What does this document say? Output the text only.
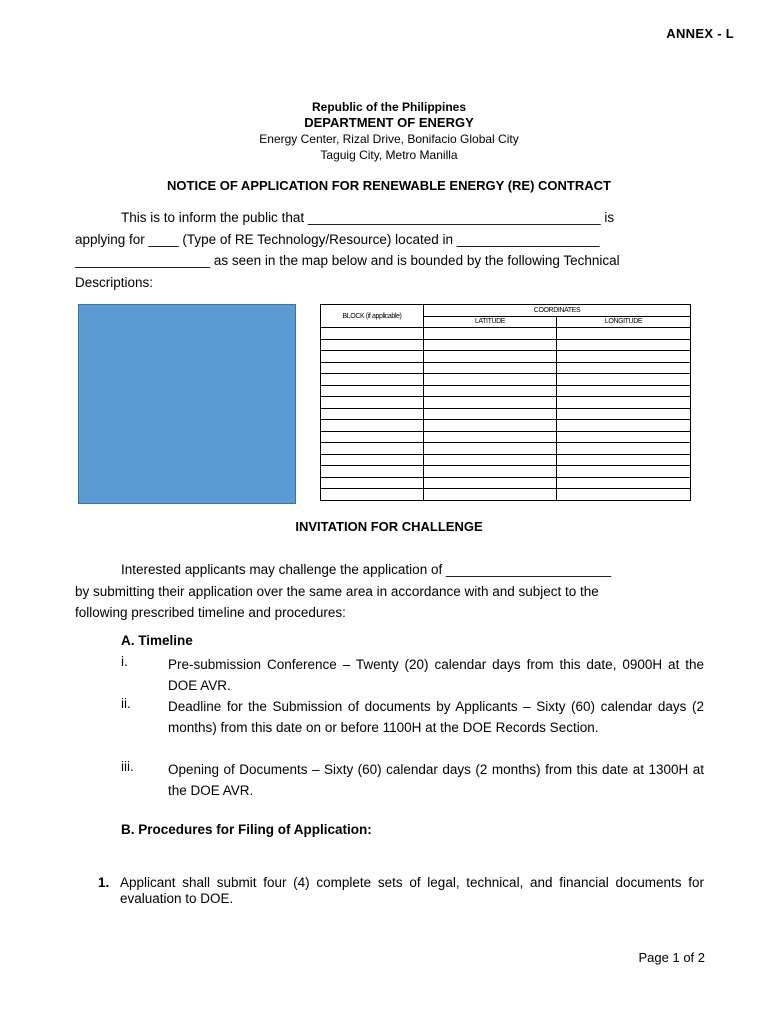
ANNEX - L
Republic of the Philippines
DEPARTMENT OF ENERGY
Energy Center, Rizal Drive, Bonifacio Global City
Taguig City, Metro Manilla
NOTICE OF APPLICATION FOR RENEWABLE ENERGY (RE) CONTRACT
This is to inform the public that _______________________________________ is
applying for ____ (Type of RE Technology/Resource) located in ___________________
__________________ as seen in the map below and is bounded by the following Technical
Descriptions:
BLOCK (if applicable)	COORDINATES	
	LATITUDE	LONGITUDE

INVITATION FOR CHALLENGE
Interested applicants may challenge the application of ______________________
by submitting their application over the same area in accordance with and subject to the
following prescribed timeline and procedures:
A. Timeline
i.	Pre-submission Conference – Twenty (20) calendar days from this date, 0900H at the DOE AVR.
ii.	Deadline for the Submission of documents by Applicants – Sixty (60) calendar days (2 months) from this date on or before 1100H at the DOE Records Section.
iii.	Opening of Documents – Sixty (60) calendar days (2 months) from this date at 1300H at the DOE AVR.
B. Procedures for Filing of Application:
1. Applicant shall submit four (4) complete sets of legal, technical, and financial documents for evaluation to DOE.
Page 1 of 2
